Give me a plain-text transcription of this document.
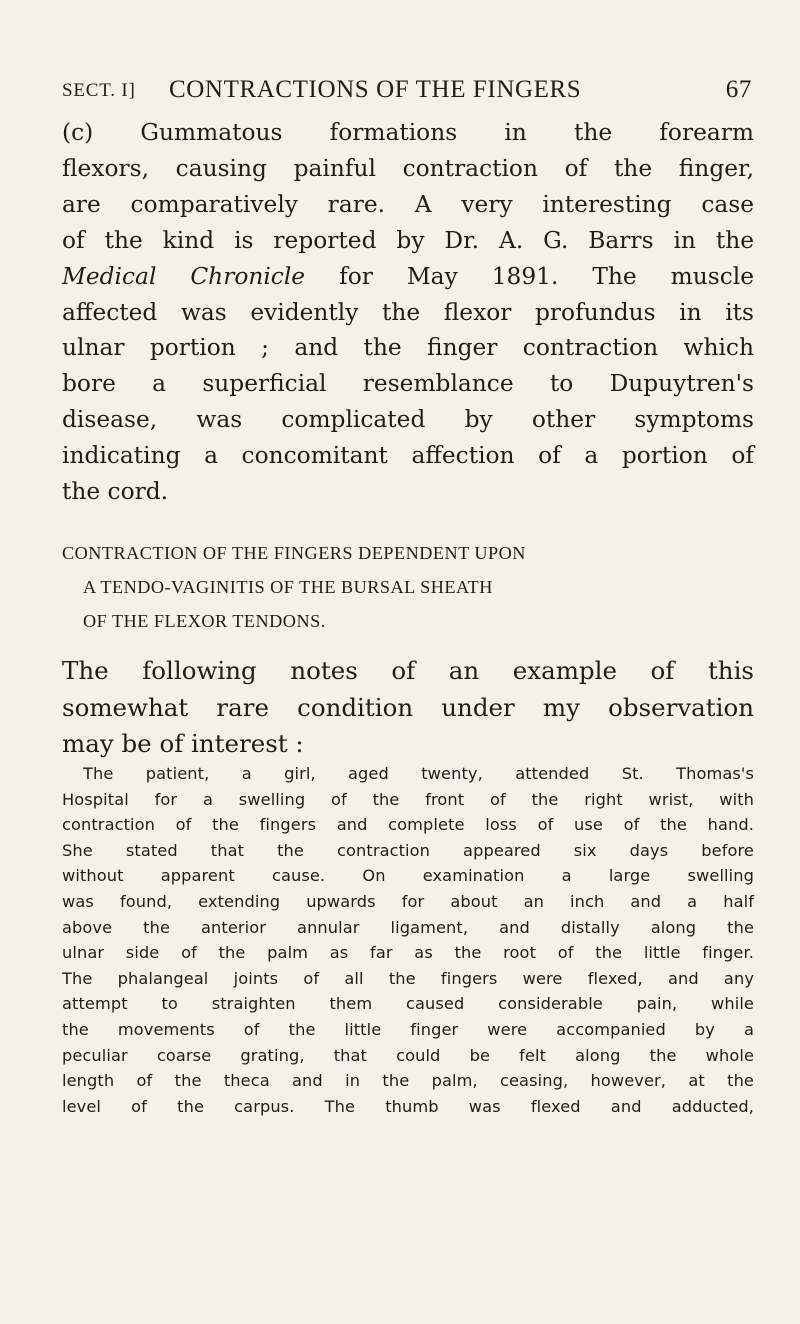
SECT. I] CONTRACTIONS OF THE FINGERS	67
(c) Gummatous formations in the forearm
flexors, causing painful contraction of the finger,
are comparatively rare. A very interesting case
of the kind is reported by Dr. A. G. Barrs in the
Medical Chronicle for May 1891. The muscle
affected was evidently the flexor profundus in its
ulnar portion ; and the finger contraction which
bore a superficial resemblance to Dupuytren's
disease, was complicated by other symptoms
indicating a concomitant affection of a portion of
the cord.
CONTRACTION OF THE FINGERS DEPENDENT UPON
A TENDO-VAGINITIS OF THE BURSAL SHEATH
OF THE FLEXOR TENDONS.
The following notes of an example of this
somewhat rare condition under my observation
may be of interest :
The patient, a girl, aged twenty, attended St. Thomas's
Hospital for a swelling of the front of the right wrist, with
contraction of the fingers and complete loss of use of the hand.
She stated that the contraction appeared six days before
without apparent cause. On examination a large swelling
was found, extending upwards for about an inch and a half
above the anterior annular ligament, and distally along the
ulnar side of the palm as far as the root of the little finger.
The phalangeal joints of all the fingers were flexed, and any
attempt to straighten them caused considerable pain, while
the movements of the little finger were accompanied by a
peculiar coarse grating, that could be felt along the whole
length of the theca and in the palm, ceasing, however, at the
level of the carpus. The thumb was flexed and adducted,
